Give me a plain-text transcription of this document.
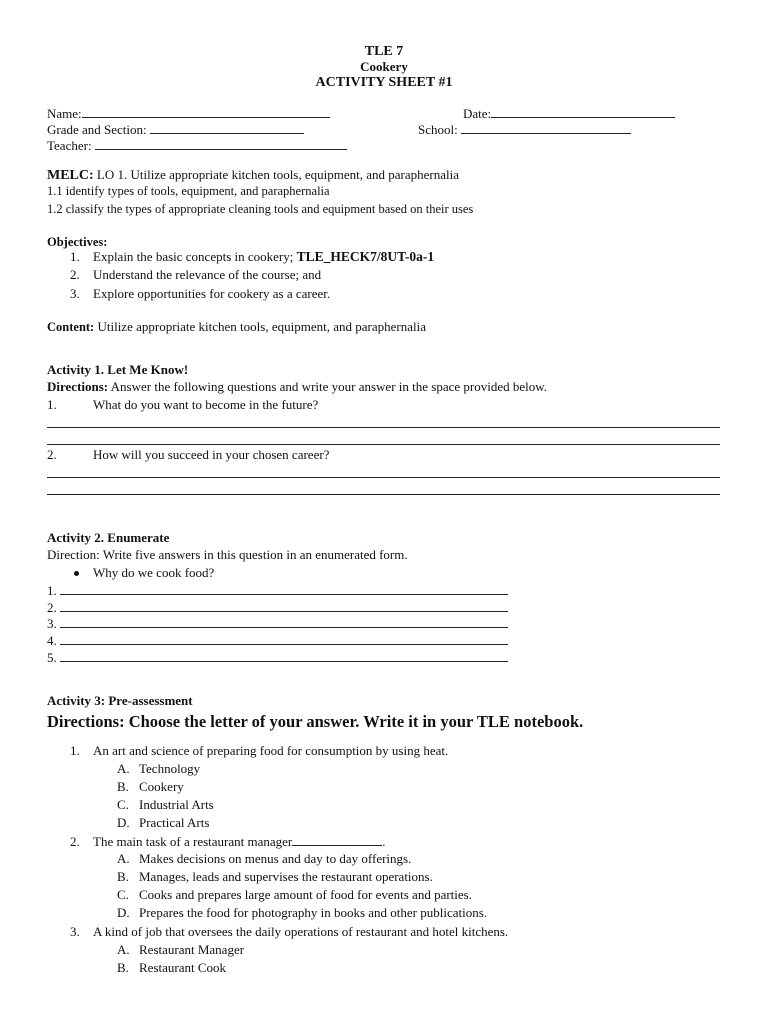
TLE 7
Cookery
ACTIVITY SHEET #1
Name:	Date:
Grade and Section:	School:
Teacher:
MELC: LO 1. Utilize appropriate kitchen tools, equipment, and paraphernalia
1.1 identify types of tools, equipment, and paraphernalia
1.2 classify the types of appropriate cleaning tools and equipment based on their uses
Objectives:
1. Explain the basic concepts in cookery; TLE_HECK7/8UT-0a-1
2. Understand the relevance of the course; and
3. Explore opportunities for cookery as a career.
Content: Utilize appropriate kitchen tools, equipment, and paraphernalia
Activity 1. Let Me Know!
Directions: Answer the following questions and write your answer in the space provided below.
1.	What do you want to become in the future?
2.	How will you succeed in your chosen career?
Activity 2. Enumerate
Direction: Write five answers in this question in an enumerated form.
Why do we cook food?
1.
2.
3.
4.
5.
Activity 3: Pre-assessment
Directions: Choose the letter of your answer. Write it in your TLE notebook.
1. An art and science of preparing food for consumption by using heat.
A. Technology
B. Cookery
C. Industrial Arts
D. Practical Arts
2. The main task of a restaurant manager	.
A. Makes decisions on menus and day to day offerings.
B. Manages, leads and supervises the restaurant operations.
C. Cooks and prepares large amount of food for events and parties.
D. Prepares the food for photography in books and other publications.
3. A kind of job that oversees the daily operations of restaurant and hotel kitchens.
A. Restaurant Manager
B. Restaurant Cook
